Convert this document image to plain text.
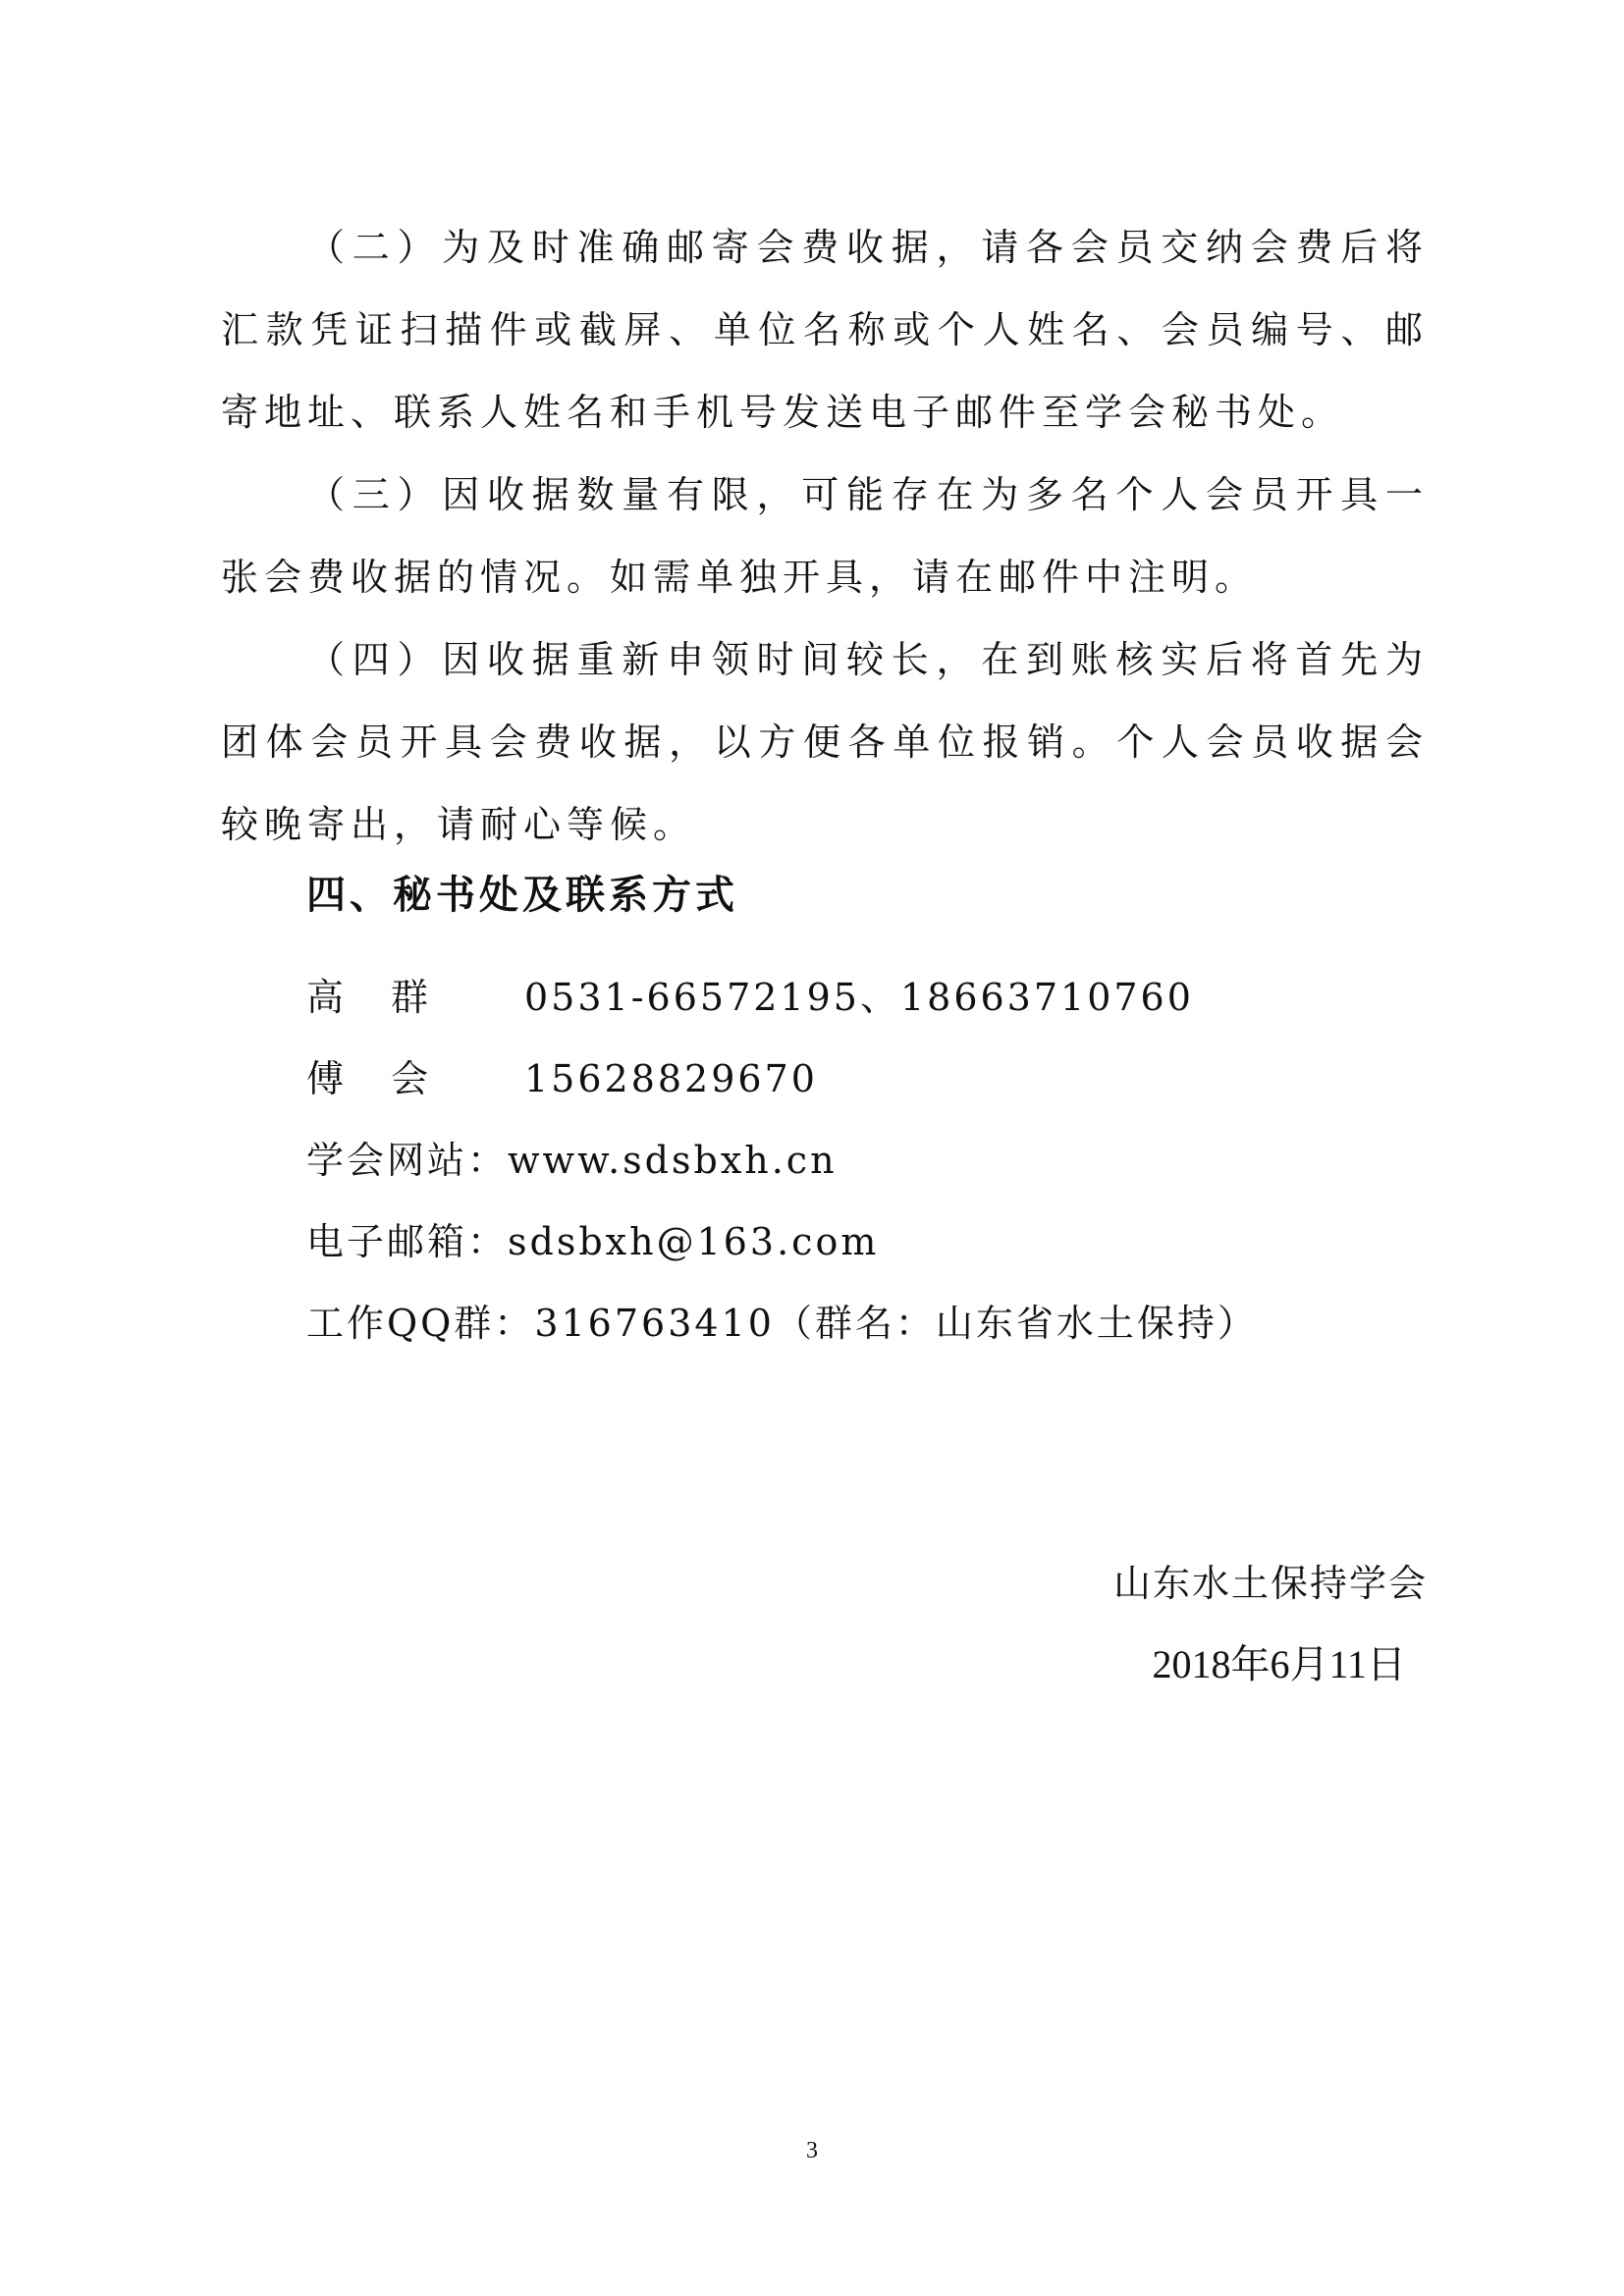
（二）为及时准确邮寄会费收据，请各会员交纳会费后将汇款凭证扫描件或截屏、单位名称或个人姓名、会员编号、邮寄地址、联系人姓名和手机号发送电子邮件至学会秘书处。

（三）因收据数量有限，可能存在为多名个人会员开具一张会费收据的情况。如需单独开具，请在邮件中注明。

（四）因收据重新申领时间较长，在到账核实后将首先为团体会员开具会费收据，以方便各单位报销。个人会员收据会较晚寄出，请耐心等候。

四、秘书处及联系方式
高群 0531-66572195、18663710760
傅会 15628829670
学会网站：www.sdsbxh.cn
电子邮箱：sdsbxh@163.com
工作QQ群：316763410（群名：山东省水土保持）
山东水土保持学会
2018年6月11日
3
